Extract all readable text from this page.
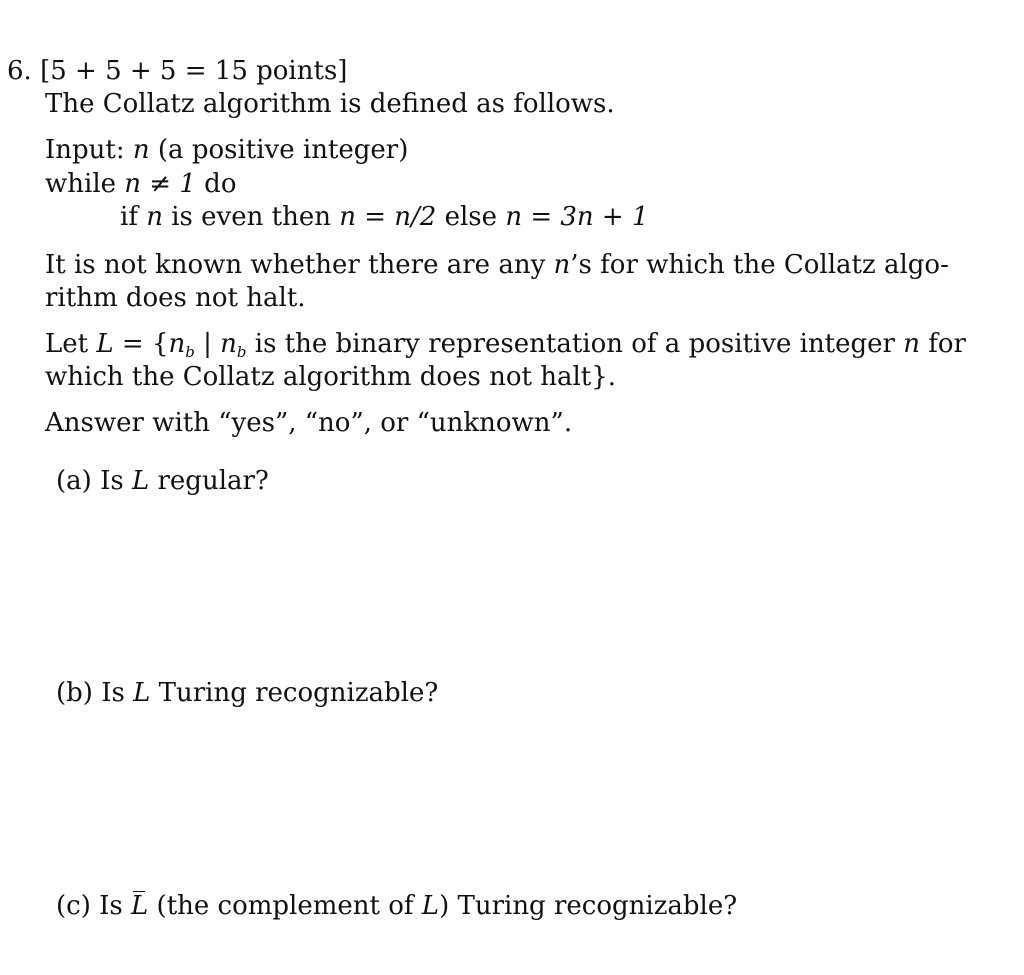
6. [5 + 5 + 5 = 15 points]
The Collatz algorithm is defined as follows.
Input: n (a positive integer)
while n ≠ 1 do
if n is even then n = n/2 else n = 3n + 1
It is not known whether there are any n’s for which the Collatz algo-
rithm does not halt.
Let $L = \{n_b$ | $n_b$ is the binary representation of a positive integer n for
which the Collatz algorithm does not halt}.
Answer with “yes”, “no”, or “unknown”.
(a) Is L regular?
(b) Is L Turing recognizable?
(c) Is L (the complement of L) Turing recognizable?
